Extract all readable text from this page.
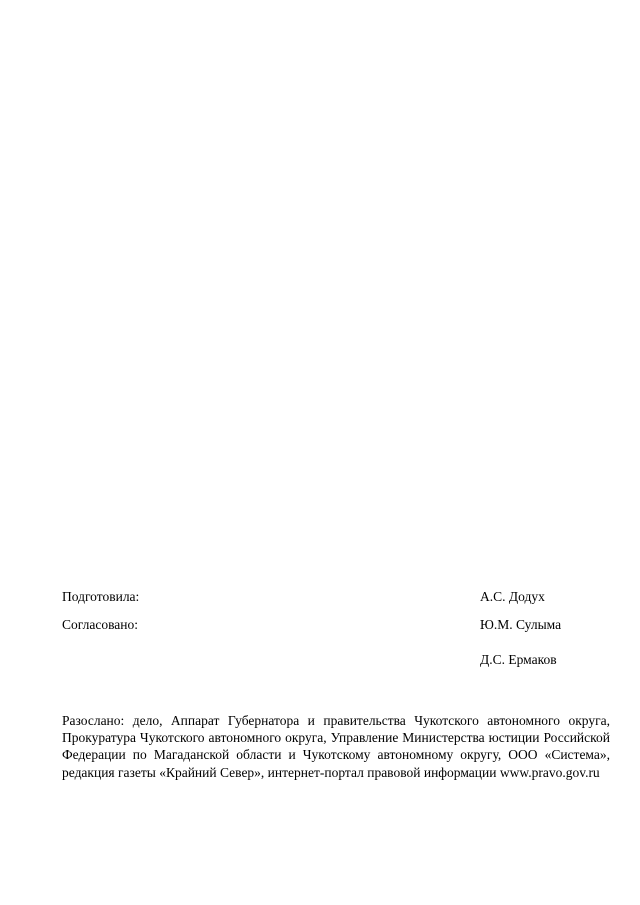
Подготовила:	А.С. Додух
Согласовано:	Ю.М. Сулыма
Д.С. Ермаков
Разослано: дело, Аппарат Губернатора и правительства Чукотского автономного округа, Прокуратура Чукотского автономного округа, Управление Министерства юстиции Российской Федерации по Магаданской области и Чукотскому автономному округу, ООО «Система», редакция газеты «Крайний Север», интернет-портал правовой информации www.pravo.gov.ru
